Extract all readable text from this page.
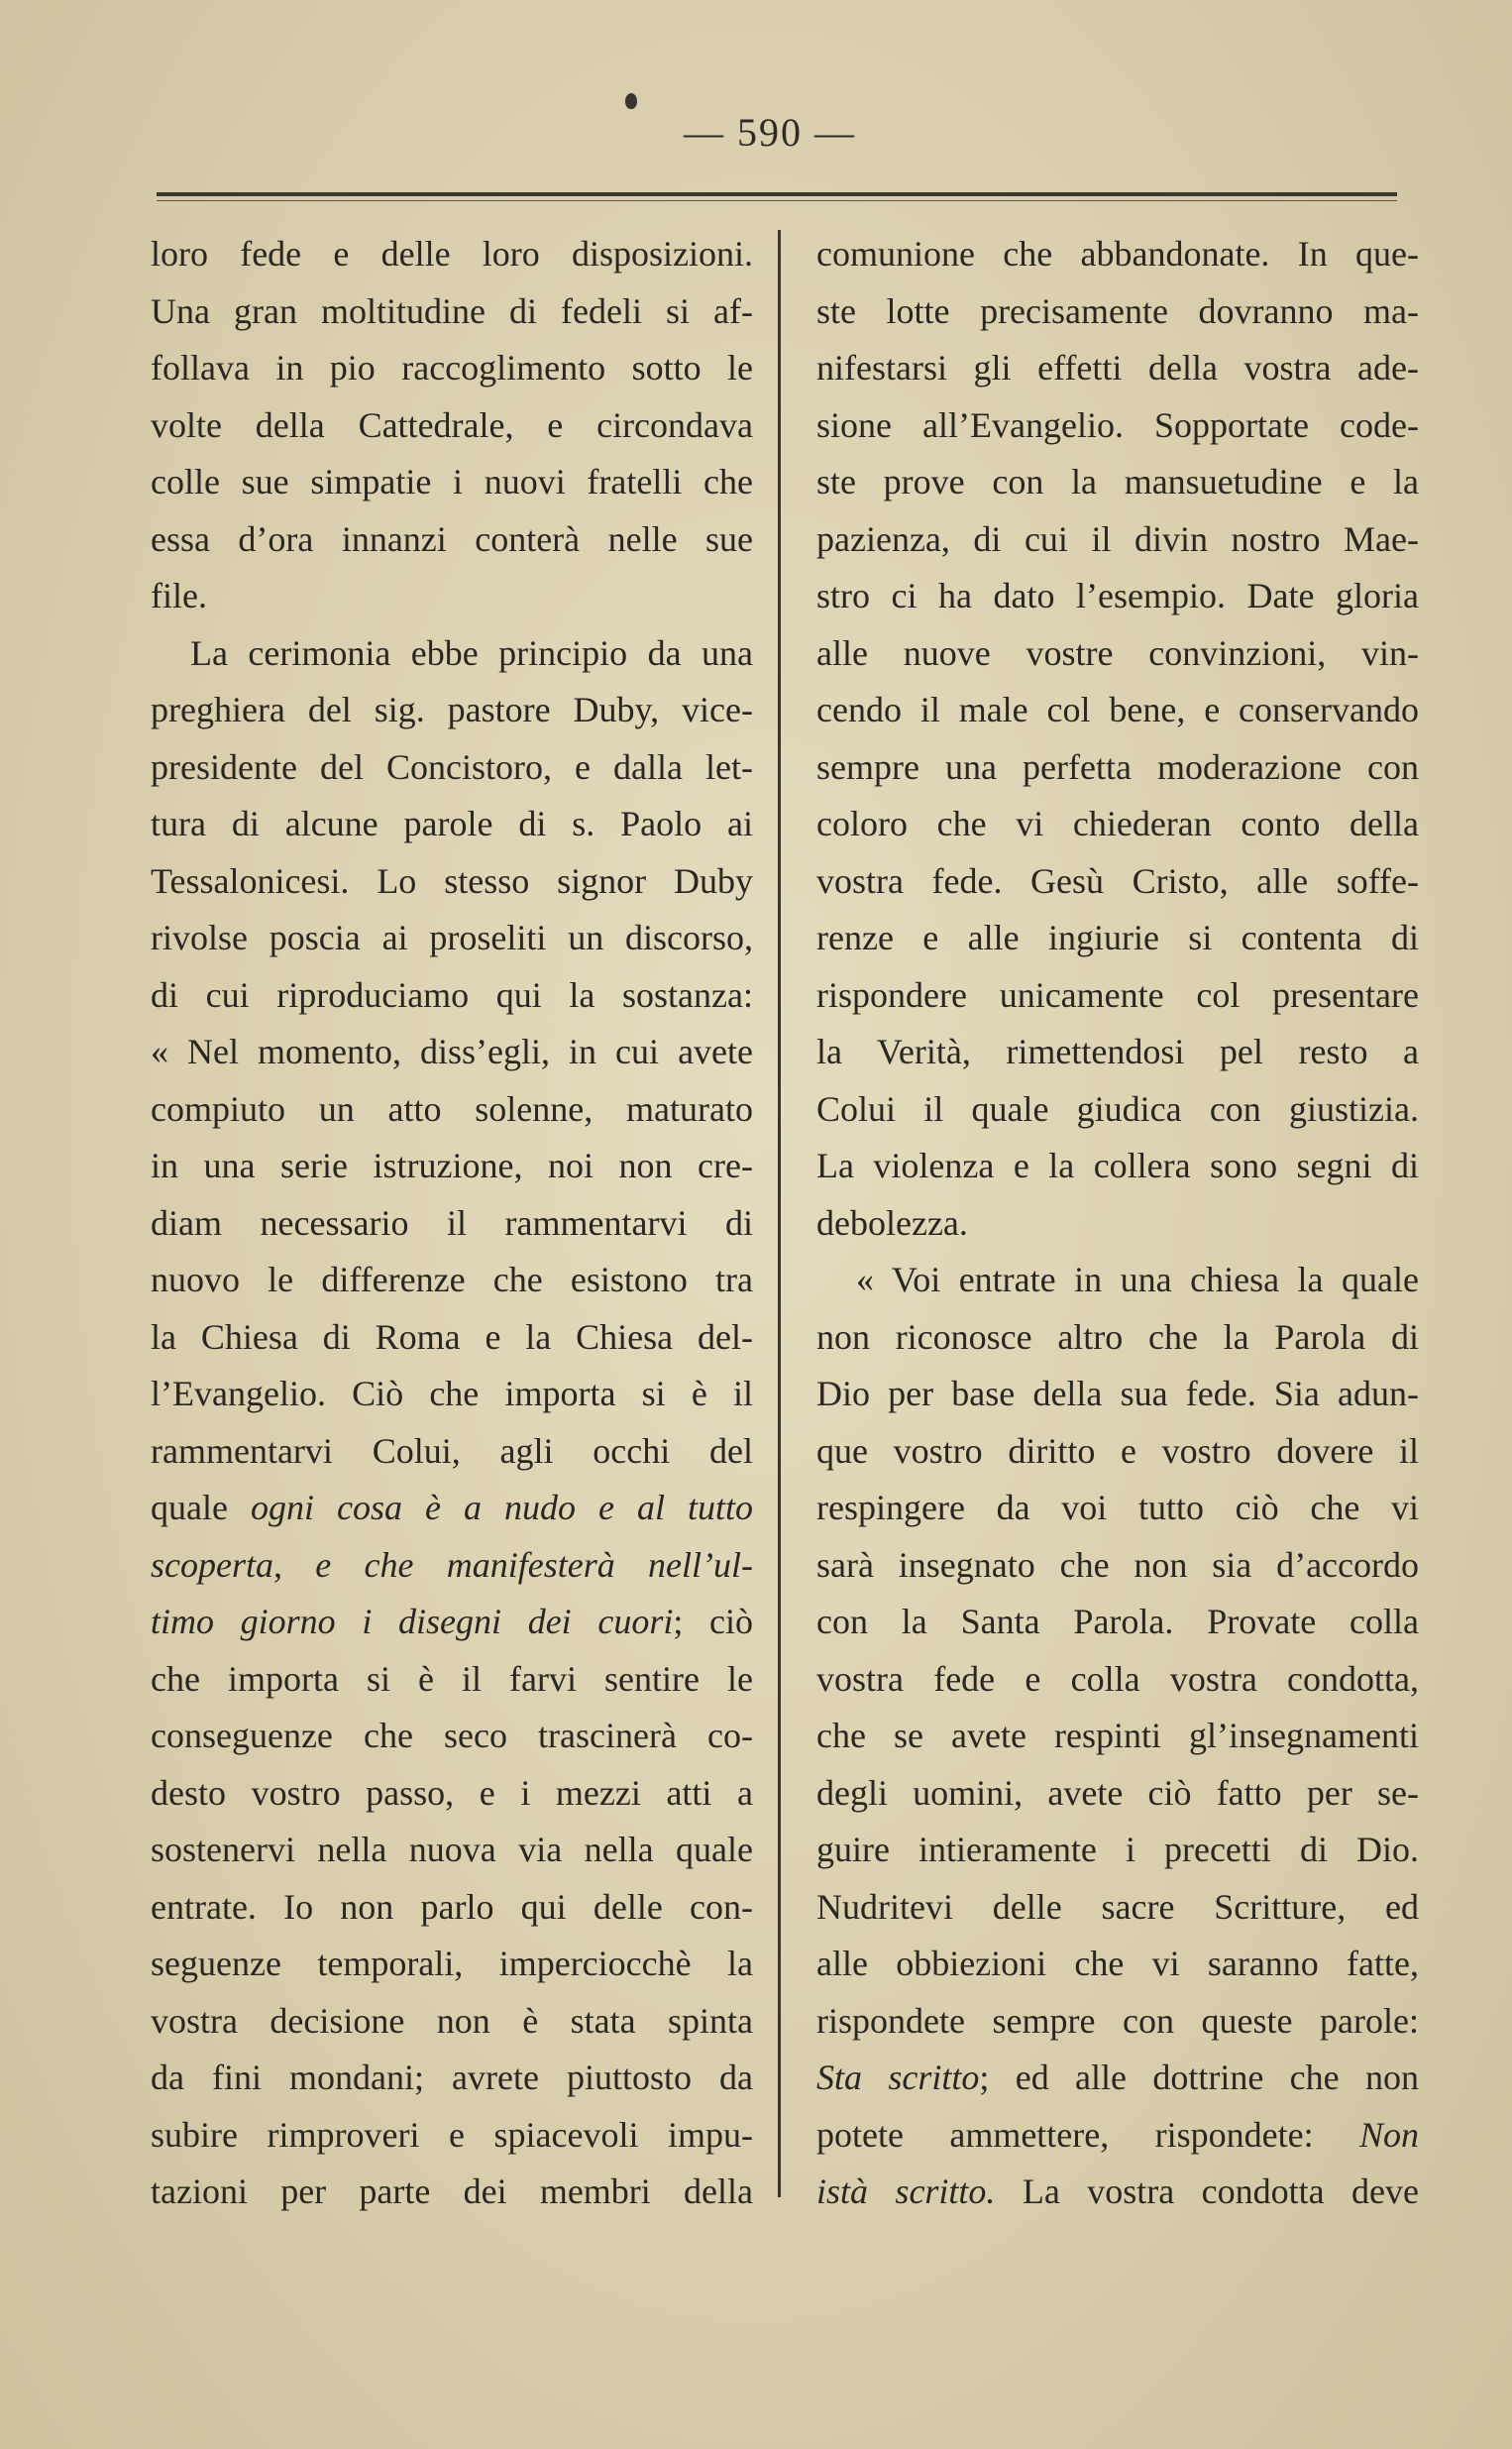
— 590 —
loro fede e delle loro disposizioni.
Una gran moltitudine di fedeli si af-
follava in pio raccoglimento sotto le
volte della Cattedrale, e circondava
colle sue simpatie i nuovi fratelli che
essa d’ora innanzi conterà nelle sue
file.
La cerimonia ebbe principio da una
preghiera del sig. pastore Duby, vice-
presidente del Concistoro, e dalla let-
tura di alcune parole di s. Paolo ai
Tessalonicesi. Lo stesso signor Duby
rivolse poscia ai proseliti un discorso,
di cui riproduciamo qui la sostanza:
« Nel momento, diss’egli, in cui avete
compiuto un atto solenne, maturato
in una serie istruzione, noi non cre-
diam necessario il rammentarvi di
nuovo le differenze che esistono tra
la Chiesa di Roma e la Chiesa del-
l’Evangelio. Ciò che importa si è il
rammentarvi Colui, agli occhi del
quale ogni cosa è a nudo e al tutto
scoperta, e che manifesterà nell’ul-
timo giorno i disegni dei cuori; ciò
che importa si è il farvi sentire le
conseguenze che seco trascinerà co-
desto vostro passo, e i mezzi atti a
sostenervi nella nuova via nella quale
entrate. Io non parlo qui delle con-
seguenze temporali, imperciocchè la
vostra decisione non è stata spinta
da fini mondani; avrete piuttosto da
subire rimproveri e spiacevoli impu-
tazioni per parte dei membri della
comunione che abbandonate. In que-
ste lotte precisamente dovranno ma-
nifestarsi gli effetti della vostra ade-
sione all’Evangelio. Sopportate code-
ste prove con la mansuetudine e la
pazienza, di cui il divin nostro Mae-
stro ci ha dato l’esempio. Date gloria
alle nuove vostre convinzioni, vin-
cendo il male col bene, e conservando
sempre una perfetta moderazione con
coloro che vi chiederan conto della
vostra fede. Gesù Cristo, alle soffe-
renze e alle ingiurie si contenta di
rispondere unicamente col presentare
la Verità, rimettendosi pel resto a
Colui il quale giudica con giustizia.
La violenza e la collera sono segni di
debolezza.
« Voi entrate in una chiesa la quale
non riconosce altro che la Parola di
Dio per base della sua fede. Sia adun-
que vostro diritto e vostro dovere il
respingere da voi tutto ciò che vi
sarà insegnato che non sia d’accordo
con la Santa Parola. Provate colla
vostra fede e colla vostra condotta,
che se avete respinti gl’insegnamenti
degli uomini, avete ciò fatto per se-
guire intieramente i precetti di Dio.
Nudritevi delle sacre Scritture, ed
alle obbiezioni che vi saranno fatte,
rispondete sempre con queste parole:
Sta scritto; ed alle dottrine che non
potete ammettere, rispondete: Non
istà scritto. La vostra condotta deve
